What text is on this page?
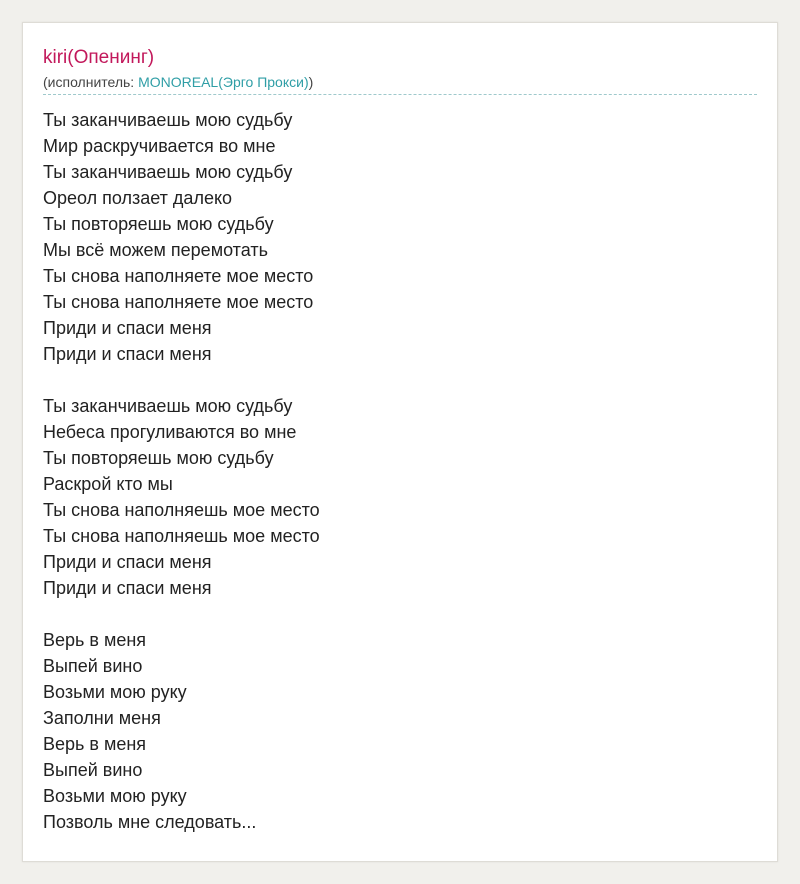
kiri(Опенинг)
(исполнитель: MONOREAL(Эрго Прокси))
Ты заканчиваешь мою судьбу
Мир раскручивается во мне
Ты заканчиваешь мою судьбу
Ореол ползает далеко
Ты повторяешь мою судьбу
Мы всё можем перемотать
Ты снова наполняете мое место
Ты снова наполняете мое место
Приди и спаси меня
Приди и спаси меня
Ты заканчиваешь мою судьбу
Небеса прогуливаются во мне
Ты повторяешь мою судьбу
Раскрой кто мы
Ты снова наполняешь мое место
Ты снова наполняешь мое место
Приди и спаси меня
Приди и спаси меня
Верь в меня
Выпей вино
Возьми мою руку
Заполни меня
Верь в меня
Выпей вино
Возьми мою руку
Позволь мне следовать...
